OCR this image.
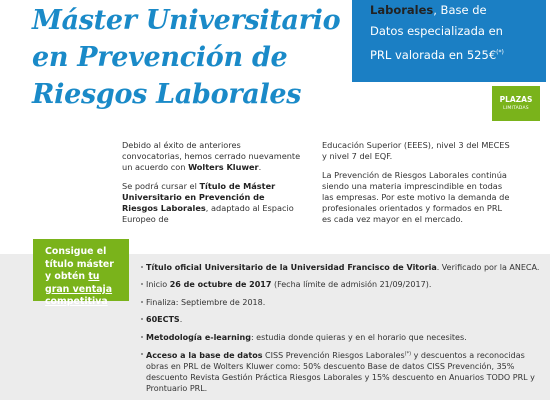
Máster Universitario
en Prevención de
Riesgos Laborales
Laborales, Base de
Datos especializada en
PRL valorada en 525€(*)
PLAZAS
LIMITADAS

Debido al éxito de anteriores convocatorias, hemos cerrado nuevamente un acuerdo con Wolters Kluwer.

Se podrá cursar el Título de Máster Universitario en Prevención de Riesgos Laborales, adaptado al Espacio Europeo de

Educación Superior (EEES), nivel 3 del MECES y nivel 7 del EQF.

La Prevención de Riesgos Laborales continúa siendo una materia imprescindible en todas las empresas. Por este motivo la demanda de profesionales orientados y formados en PRL es cada vez mayor en el mercado.

Consigue el
título máster
y obtén tu
gran ventaja
competitiva
Título oficial Universitario de la Universidad Francisco de Vitoria. Verificado por la ANECA.
Inicio 26 de octubre de 2017 (Fecha límite de admisión 21/09/2017).
Finaliza: Septiembre de 2018.
60ECTS.
Metodología e-learning: estudia donde quieras y en el horario que necesites.
Acceso a la base de datos CISS Prevención Riesgos Laborales(*) y descuentos a reconocidas obras en PRL de Wolters Kluwer como: 50% descuento Base de datos CISS Prevención, 35% descuento Revista Gestión Práctica Riesgos Laborales y 15% descuento en Anuarios TODO PRL y Prontuario PRL.
